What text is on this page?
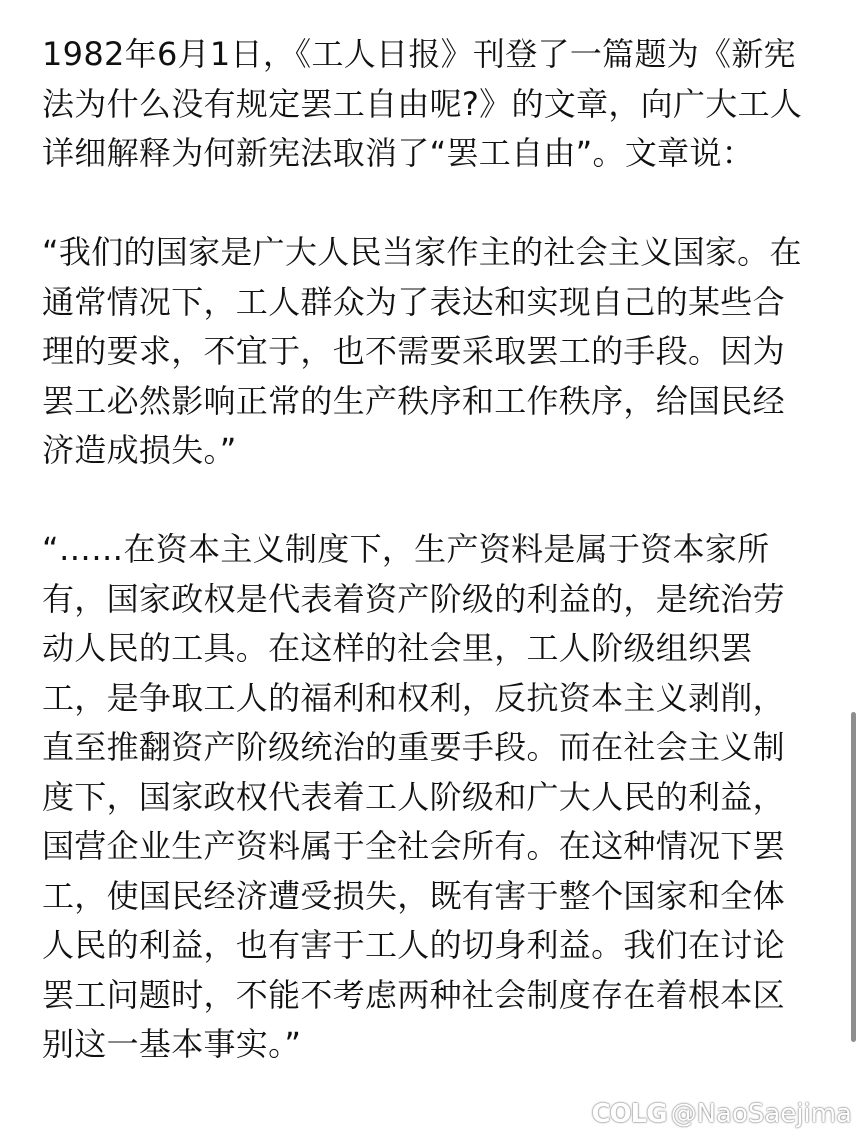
1982年6月1日，《工人日报》刊登了一篇题为《新宪
法为什么没有规定罢工自由呢?》的文章，向广大工人
详细解释为何新宪法取消了“罢工自由”。文章说：
“我们的国家是广大人民当家作主的社会主义国家。在
通常情况下，工人群众为了表达和实现自己的某些合
理的要求，不宜于，也不需要采取罢工的手段。因为
罢工必然影响正常的生产秩序和工作秩序，给国民经
济造成损失。”
“……在资本主义制度下，生产资料是属于资本家所
有，国家政权是代表着资产阶级的利益的，是统治劳
动人民的工具。在这样的社会里，工人阶级组织罢
工，是争取工人的福利和权利，反抗资本主义剥削，
直至推翻资产阶级统治的重要手段。而在社会主义制
度下，国家政权代表着工人阶级和广大人民的利益，
国营企业生产资料属于全社会所有。在这种情况下罢
工，使国民经济遭受损失，既有害于整个国家和全体
人民的利益，也有害于工人的切身利益。我们在讨论
罢工问题时，不能不考虑两种社会制度存在着根本区
别这一基本事实。”
COLG @NaoSaejima
